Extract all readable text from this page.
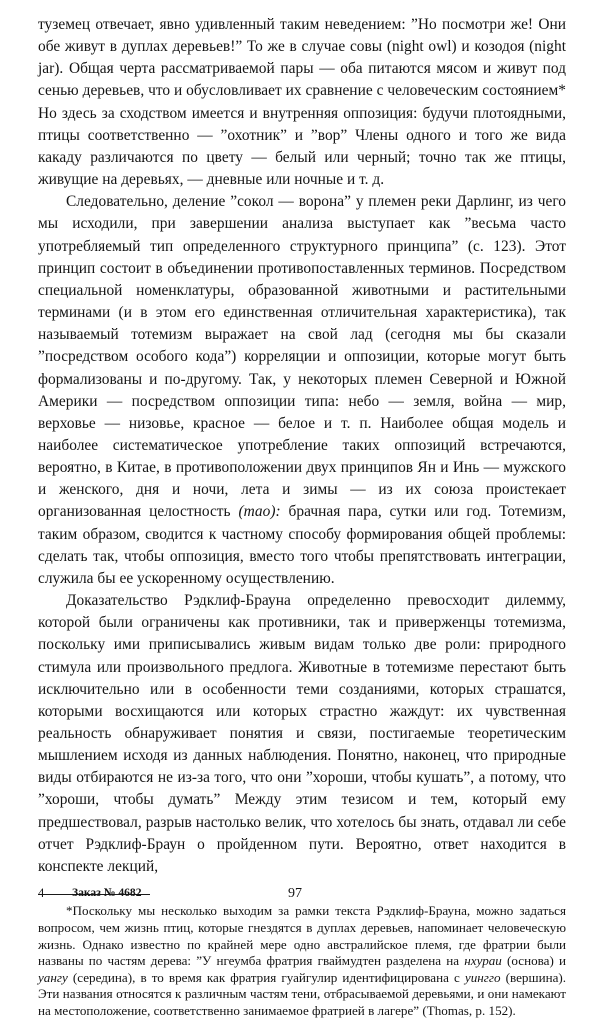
туземец отвечает, явно удивленный таким неведением: ”Но посмотри же! Они обе живут в дуплах деревьев!” То же в случае совы (night owl) и козодоя (night jar). Общая черта рассматриваемой пары — оба питаются мясом и живут под сенью деревьев, что и обусловливает их сравнение с человеческим состоянием* Но здесь за сходством имеется и внутренняя оппозиция: будучи плотоядными, птицы соответственно — ”охотник” и ”вор” Члены одного и того же вида какаду различаются по цвету — белый или черный; точно так же птицы, живущие на деревьях, — дневные или ночные и т. д.

Следовательно, деление ”сокол — ворона” у племен реки Дарлинг, из чего мы исходили, при завершении анализа выступает как ”весьма часто употребляемый тип определенного структурного принципа” (с. 123). Этот принцип состоит в объединении противопоставленных терминов. Посредством специальной номенклатуры, образованной животными и растительными терминами (и в этом его единственная отличительная характеристика), так называемый тотемизм выражает на свой лад (сегодня мы бы сказали ”посредством особого кода”) корреляции и оппозиции, которые могут быть формализованы и по-другому. Так, у некоторых племен Северной и Южной Америки — посредством оппозиции типа: небо — земля, война — мир, верховье — низовье, красное — белое и т. п. Наиболее общая модель и наиболее систематическое употребление таких оппозиций встречаются, вероятно, в Китае, в противоположении двух принципов Ян и Инь — мужского и женского, дня и ночи, лета и зимы — из их союза проистекает организованная целостность (тао): брачная пара, сутки или год. Тотемизм, таким образом, сводится к частному способу формирования общей проблемы: сделать так, чтобы оппозиция, вместо того чтобы препятствовать интеграции, служила бы ее ускоренному осуществлению.

Доказательство Рэдклиф-Брауна определенно превосходит дилемму, которой были ограничены как противники, так и приверженцы тотемизма, поскольку ими приписывались живым видам только две роли: природного стимула или произвольного предлога. Животные в тотемизме перестают быть исключительно или в особенности теми созданиями, которых страшатся, которыми восхищаются или которых страстно жаждут: их чувственная реальность обнаруживает понятия и связи, постигаемые теоретическим мышлением исходя из данных наблюдения. Понятно, наконец, что природные виды отбираются не из-за того, что они ”хороши, чтобы кушать”, а потому, что ”хороши, чтобы думать” Между этим тезисом и тем, который ему предшествовал, разрыв настолько велик, что хотелось бы знать, отдавал ли себе отчет Рэдклиф-Браун о пройденном пути. Вероятно, ответ находится в конспекте лекций,

*Поскольку мы несколько выходим за рамки текста Рэдклиф-Брауна, можно задаться вопросом, чем жизнь птиц, которые гнездятся в дуплах деревьев, напоминает человеческую жизнь. Однако известно по крайней мере одно австралийское племя, где фратрии были названы по частям дерева: ”У нгеумба фратрия гваймудтен разделена на нхураи (основа) и уангу (середина), в то время как фратрия гуайгулир идентифицирована с уингго (вершина). Эти названия относятся к различным частям тени, отбрасываемой деревьями, и они намекают на местоположение, соответственно занимаемое фратрией в лагере” (Thomas, p. 152).

4 Заказ № 4682	97
